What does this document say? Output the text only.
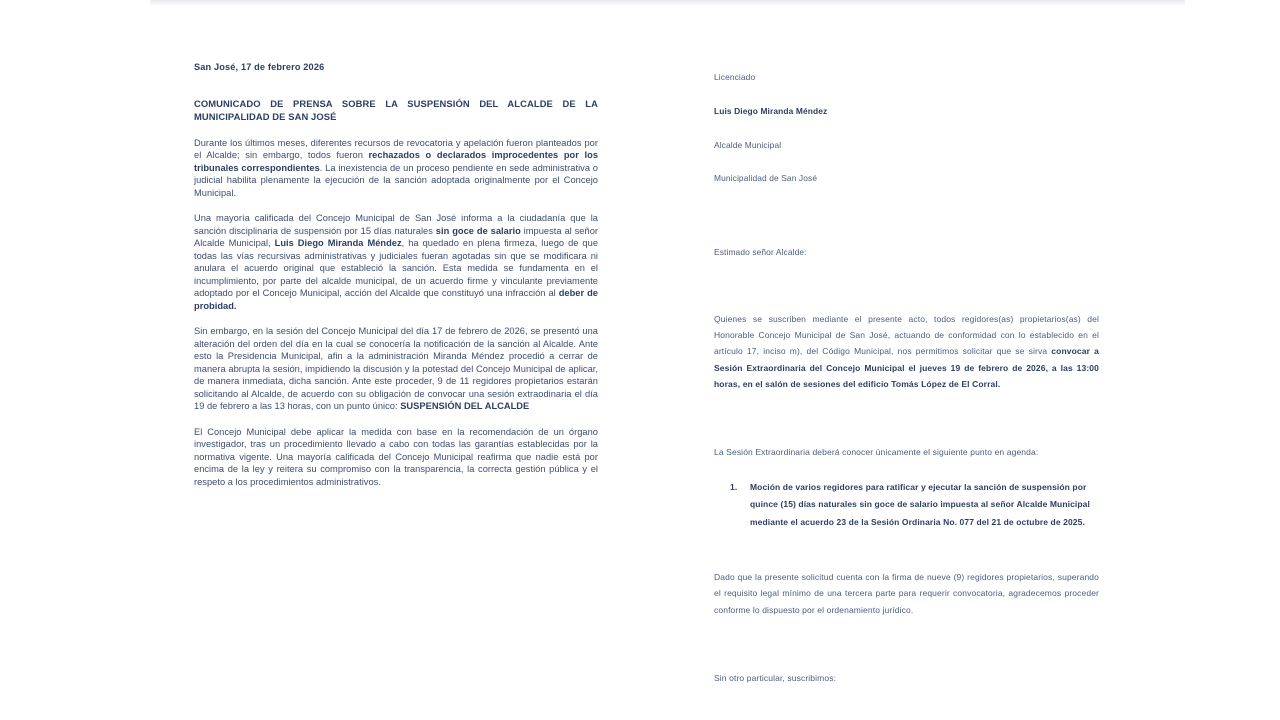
San José, 17 de febrero 2026
COMUNICADO DE PRENSA SOBRE LA SUSPENSIÓN DEL ALCALDE DE LA MUNICIPALIDAD DE SAN JOSÉ

Durante los últimos meses, diferentes recursos de revocatoria y apelación fueron planteados por el Alcalde; sin embargo, todos fueron rechazados o declarados improcedentes por los tribunales correspondientes. La inexistencia de un proceso pendiente en sede administrativa o judicial habilita plenamente la ejecución de la sanción adoptada originalmente por el Concejo Municipal.

Una mayoría calificada del Concejo Municipal de San José informa a la ciudadanía que la sanción disciplinaria de suspensión por 15 días naturales sin goce de salario impuesta al señor Alcalde Municipal, Luis Diego Miranda Méndez, ha quedado en plena firmeza, luego de que todas las vías recursivas administrativas y judiciales fueran agotadas sin que se modificara ni anulara el acuerdo original que estableció la sanción. Esta medida se fundamenta en el incumplimiento, por parte del alcalde municipal, de un acuerdo firme y vinculante previamente adoptado por el Concejo Municipal, acción del Alcalde que constituyó una infracción al deber de probidad.

Sin embargo, en la sesión del Concejo Municipal del día 17 de febrero de 2026, se presentó una alteración del orden del día en la cual se conocería la notificación de la sanción al Alcalde. Ante esto la Presidencia Municipal, afin a la administración Miranda Méndez procedió a cerrar de manera abrupta la sesión, impidiendo la discusión y la potestad del Concejo Municipal de aplicar, de manera inmediata, dicha sanción. Ante este proceder, 9 de 11 regidores propietarios estarán solicitando al Alcalde, de acuerdo con su obligación de convocar una sesión extraodinaria el día 19 de febrero a las 13 horas, con un punto único: SUSPENSIÓN DEL ALCALDE

El Concejo Municipal debe aplicar la medida con base en la recomendación de un órgano investigador, tras un procedimiento llevado a cabo con todas las garantías establecidas por la normativa vigente. Una mayoría calificada del Concejo Municipal reafirma que nadie está por encima de la ley y reitera su compromiso con la transparencia, la correcta gestión pública y el respeto a los procedimientos administrativos.

Licenciado
Luis Diego Miranda Méndez
Alcalde Municipal
Municipalidad de San José
Estimado señor Alcalde:

Quienes se suscriben mediante el presente acto, todos regidores(as) propietarios(as) del Honorable Concejo Municipal de San José, actuando de conformidad con lo establecido en el artículo 17, inciso m), del Código Municipal, nos permitimos solicitar que se sirva convocar a Sesión Extraordinaria del Concejo Municipal el jueves 19 de febrero de 2026, a las 13:00 horas, en el salón de sesiones del edificio Tomás López de El Corral.

La Sesión Extraordinaria deberá conocer únicamente el siguiente punto en agenda:

1. Moción de varios regidores para ratificar y ejecutar la sanción de suspensión por quince (15) días naturales sin goce de salario impuesta al señor Alcalde Municipal mediante el acuerdo 23 de la Sesión Ordinaria No. 077 del 21 de octubre de 2025.

Dado que la presente solicitud cuenta con la firma de nueve (9) regidores propietarios, superando el requisito legal mínimo de una tercera parte para requerir convocatoria, agradecemos proceder conforme lo dispuesto por el ordenamiento jurídico.

Sin otro particular, suscribimos:
